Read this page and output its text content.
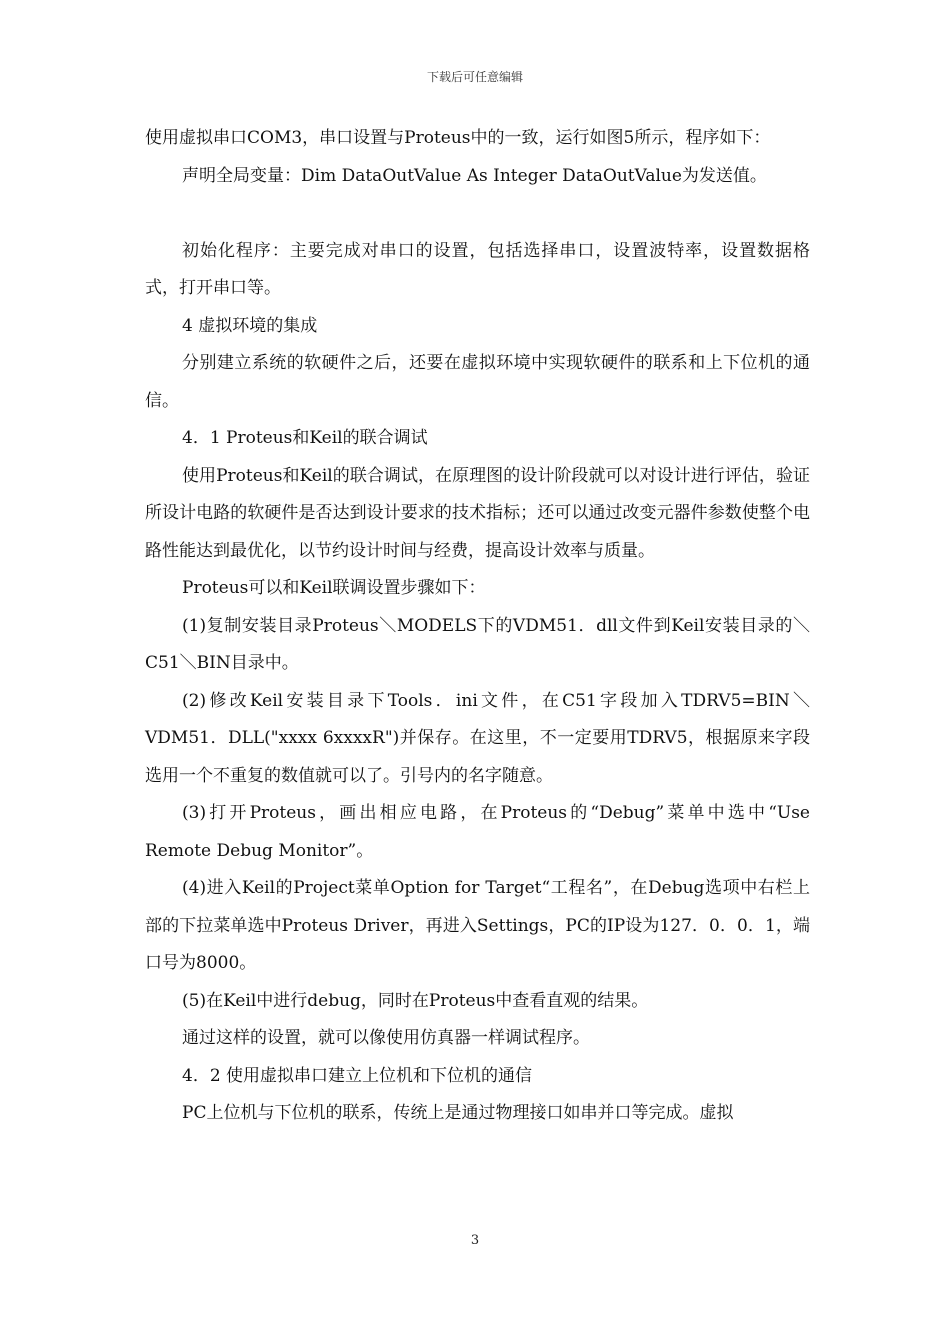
下载后可任意编辑

使用虚拟串口COM3，串口设置与Proteus中的一致，运行如图5所示，程序如下：

声明全局变量：Dim DataOutValue As Integer DataOutValue为发送值。

初始化程序：主要完成对串口的设置，包括选择串口，设置波特率，设置数据格式，打开串口等。

4 虚拟环境的集成

分别建立系统的软硬件之后，还要在虚拟环境中实现软硬件的联系和上下位机的通信。

4．1 Proteus和Keil的联合调试

使用Proteus和Keil的联合调试，在原理图的设计阶段就可以对设计进行评估，验证所设计电路的软硬件是否达到设计要求的技术指标；还可以通过改变元器件参数使整个电路性能达到最优化，以节约设计时间与经费，提高设计效率与质量。

Proteus可以和Keil联调设置步骤如下：

(1)复制安装目录Proteus＼MODELS下的VDM51．dll文件到Keil安装目录的＼C51＼BIN目录中。

(2)修改Keil安装目录下Tools．ini文件，在C51字段加入TDRV5=BIN＼VDM51．DLL("xxxx 6xxxxR")并保存。在这里，不一定要用TDRV5，根据原来字段选用一个不重复的数值就可以了。引号内的名字随意。

(3)打开Proteus，画出相应电路，在Proteus的“Debug”菜单中选中“Use Remote Debug Monitor”。

(4)进入Keil的Project菜单Option for Target“工程名”，在Debug选项中右栏上部的下拉菜单选中Proteus Driver，再进入Settings，PC的IP设为127．0．0．1，端口号为8000。

(5)在Keil中进行debug，同时在Proteus中查看直观的结果。

通过这样的设置，就可以像使用仿真器一样调试程序。

4．2 使用虚拟串口建立上位机和下位机的通信

PC上位机与下位机的联系，传统上是通过物理接口如串并口等完成。虚拟

3
